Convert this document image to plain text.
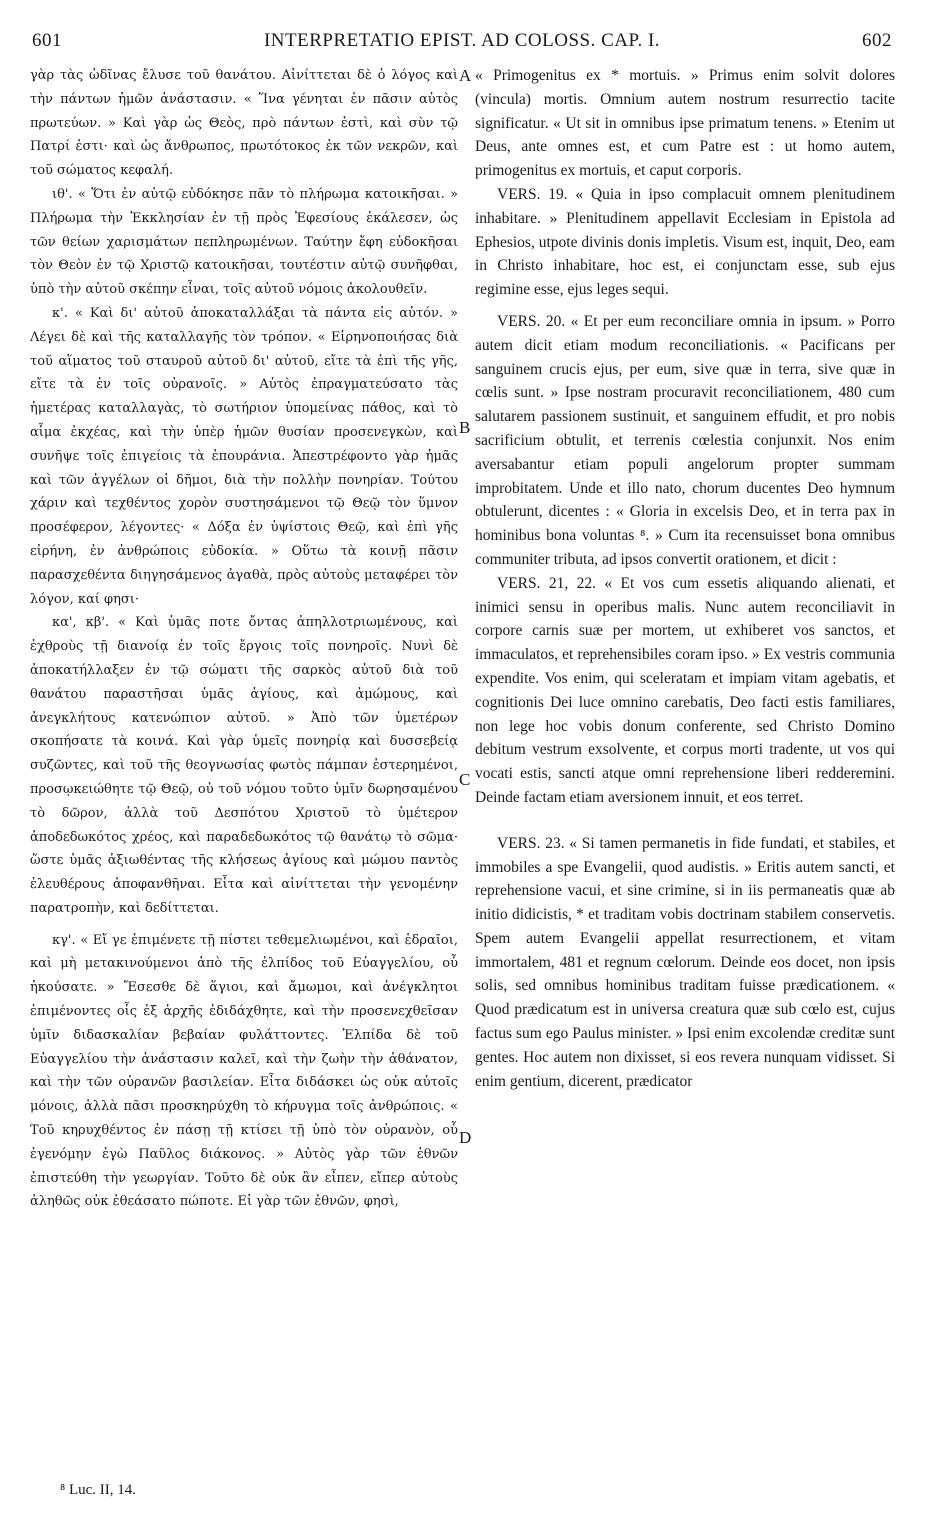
601	INTERPRETATIO EPIST. AD COLOSS. CAP. I.	602

γὰρ τὰς ὠδῖνας ἔλυσε τοῦ θανάτου. Αἰνίττεται δὲ ὁ λόγος καὶ τὴν πάντων ἡμῶν ἀνάστασιν. « Ἵνα γένηται ἐν πᾶσιν αὐτὸς πρωτεύων. » Καὶ γὰρ ὡς Θεὸς, πρὸ πάντων ἐστὶ, καὶ σὺν τῷ Πατρί ἐστι· καὶ ὡς ἄνθρωπος, πρωτότοκος ἐκ τῶν νεκρῶν, καὶ τοῦ σώματος κεφαλή.

ιθ'. « Ὅτι ἐν αὐτῷ εὐδόκησε πᾶν τὸ πλήρωμα κατοικῆσαι. » Πλήρωμα τὴν Ἐκκλησίαν ἐν τῇ πρὸς Ἐφεσίους ἐκάλεσεν, ὡς τῶν θείων χαρισμάτων πεπληρωμένων. Ταύτην ἔφη εὐδοκῆσαι τὸν Θεὸν ἐν τῷ Χριστῷ κατοικῆσαι, τουτέστιν αὐτῷ συνῆφθαι, ὑπὸ τὴν αὐτοῦ σκέπην εἶναι, τοῖς αὐτοῦ νόμοις ἀκολουθεῖν.

κ'. « Καὶ δι' αὐτοῦ ἀποκαταλλάξαι τὰ πάντα εἰς αὐτόν. » Λέγει δὲ καὶ τῆς καταλλαγῆς τὸν τρόπον. « Εἰρηνοποιήσας διὰ τοῦ αἵματος τοῦ σταυροῦ αὐτοῦ δι' αὐτοῦ, εἴτε τὰ ἐπὶ τῆς γῆς, εἴτε τὰ ἐν τοῖς οὐρανοῖς. » Αὐτὸς ἐπραγματεύσατο τὰς ἡμετέρας καταλλαγὰς, τὸ σωτήριον ὑπομείνας πάθος, καὶ τὸ αἷμα ἐκχέας, καὶ τὴν ὑπὲρ ἡμῶν θυσίαν προσενεγκὼν, καὶ συνῆψε τοῖς ἐπιγείοις τὰ ἐπουράνια. Ἀπεστρέφοντο γὰρ ἡμᾶς καὶ τῶν ἀγγέλων οἱ δῆμοι, διὰ τὴν πολλὴν πονηρίαν. Τούτου χάριν καὶ τεχθέντος χορὸν συστησάμενοι τῷ Θεῷ τὸν ὕμνον προσέφερον, λέγοντες· « Δόξα ἐν ὑψίστοις Θεῷ, καὶ ἐπὶ γῆς εἰρήνη, ἐν ἀνθρώποις εὐδοκία. » Οὕτω τὰ κοινῇ πᾶσιν παρασχεθέντα διηγησάμενος ἀγαθὰ, πρὸς αὐτοὺς μεταφέρει τὸν λόγον, καί φησι·

κα', κβ'. « Καὶ ὑμᾶς ποτε ὄντας ἀπηλλοτριωμένους, καὶ ἐχθροὺς τῇ διανοίᾳ ἐν τοῖς ἔργοις τοῖς πονηροῖς. Νυνὶ δὲ ἀποκατήλλαξεν ἐν τῷ σώματι τῆς σαρκὸς αὐτοῦ διὰ τοῦ θανάτου παραστῆσαι ὑμᾶς ἁγίους, καὶ ἀμώμους, καὶ ἀνεγκλήτους κατενώπιον αὐτοῦ. » Ἀπὸ τῶν ὑμετέρων σκοπήσατε τὰ κοινά. Καὶ γὰρ ὑμεῖς πονηρίᾳ καὶ δυσσεβείᾳ συζῶντες, καὶ τοῦ τῆς θεογνωσίας φωτὸς πάμπαν ἐστερημένοι, προσῳκειώθητε τῷ Θεῷ, οὐ τοῦ νόμου τοῦτο ὑμῖν δωρησαμένου τὸ δῶρον, ἀλλὰ τοῦ Δεσπότου Χριστοῦ τὸ ὑμέτερον ἀποδεδωκότος χρέος, καὶ παραδεδωκότος τῷ θανάτῳ τὸ σῶμα· ὥστε ὑμᾶς ἀξιωθέντας τῆς κλήσεως ἁγίους καὶ μώμου παντὸς ἐλευθέρους ἀποφανθῆναι. Εἶτα καὶ αἰνίττεται τὴν γενομένην παρατροπὴν, καὶ δεδίττεται.

κγ'. « Εἴ γε ἐπιμένετε τῇ πίστει τεθεμελιωμένοι, καὶ ἑδραῖοι, καὶ μὴ μετακινούμενοι ἀπὸ τῆς ἐλπίδος τοῦ Εὐαγγελίου, οὗ ἠκούσατε. » Ἔσεσθε δὲ ἅγιοι, καὶ ἄμωμοι, καὶ ἀνέγκλητοι ἐπιμένοντες οἷς ἐξ ἀρχῆς ἐδιδάχθητε, καὶ τὴν προσενεχθεῖσαν ὑμῖν διδασκαλίαν βεβαίαν φυλάττοντες. Ἐλπίδα δὲ τοῦ Εὐαγγελίου τὴν ἀνάστασιν καλεῖ, καὶ τὴν ζωὴν τὴν ἀθάνατον, καὶ τὴν τῶν οὐρανῶν βασιλείαν. Εἶτα διδάσκει ὡς οὐκ αὐτοῖς μόνοις, ἀλλὰ πᾶσι προσκηρύχθη τὸ κήρυγμα τοῖς ἀνθρώποις. « Τοῦ κηρυχθέντος ἐν πάσῃ τῇ κτίσει τῇ ὑπὸ τὸν οὐρανὸν, οὗ ἐγενόμην ἐγὼ Παῦλος διάκονος. » Αὐτὸς γὰρ τῶν ἐθνῶν ἐπιστεύθη τὴν γεωργίαν. Τοῦτο δὲ οὐκ ἂν εἶπεν, εἴπερ αὐτοὺς ἀληθῶς οὐκ ἐθεάσατο πώποτε. Εἰ γὰρ τῶν ἐθνῶν, φησὶ,

« Primogenitus ex * mortuis. » Primus enim solvit dolores (vincula) mortis. Omnium autem nostrum resurrectio tacite significatur. « Ut sit in omnibus ipse primatum tenens. » Etenim ut Deus, ante omnes est, et cum Patre est : ut homo autem, primogenitus ex mortuis, et caput corporis.

VERS. 19. « Quia in ipso complacuit omnem plenitudinem inhabitare. » Plenitudinem appellavit Ecclesiam in Epistola ad Ephesios, utpote divinis donis impletis. Visum est, inquit, Deo, eam in Christo inhabitare, hoc est, ei conjunctam esse, sub ejus regimine esse, ejus leges sequi.

VERS. 20. « Et per eum reconciliare omnia in ipsum. » Porro autem dicit etiam modum reconciliationis. « Pacificans per sanguinem crucis ejus, per eum, sive quæ in terra, sive quæ in cœlis sunt. » Ipse nostram procuravit reconciliationem, 480 cum salutarem passionem sustinuit, et sanguinem effudit, et pro nobis sacrificium obtulit, et terrenis cœlestia conjunxit. Nos enim aversabantur etiam populi angelorum propter summam improbitatem. Unde et illo nato, chorum ducentes Deo hymnum obtulerunt, dicentes : « Gloria in excelsis Deo, et in terra pax in hominibus bona voluntas ⁸. » Cum ita recensuisset bona omnibus communiter tributa, ad ipsos convertit orationem, et dicit :

VERS. 21, 22. « Et vos cum essetis aliquando alienati, et inimici sensu in operibus malis. Nunc autem reconciliavit in corpore carnis suæ per mortem, ut exhiberet vos sanctos, et immaculatos, et reprehensibiles coram ipso. » Ex vestris communia expendite. Vos enim, qui sceleratam et impiam vitam agebatis, et cognitionis Dei luce omnino carebatis, Deo facti estis familiares, non lege hoc vobis donum conferente, sed Christo Domino debitum vestrum exsolvente, et corpus morti tradente, ut vos qui vocati estis, sancti atque omni reprehensione liberi redderemini. Deinde factam etiam aversionem innuit, et eos terret.

VERS. 23. « Si tamen permanetis in fide fundati, et stabiles, et immobiles a spe Evangelii, quod audistis. » Eritis autem sancti, et reprehensione vacui, et sine crimine, si in iis permaneatis quæ ab initio didicistis, * et traditam vobis doctrinam stabilem conservetis. Spem autem Evangelii appellat resurrectionem, et vitam immortalem, 481 et regnum cœlorum. Deinde eos docet, non ipsis solis, sed omnibus hominibus traditam fuisse prædicationem. « Quod prædicatum est in universa creatura quæ sub cœlo est, cujus factus sum ego Paulus minister. » Ipsi enim excolendæ creditæ sunt gentes. Hoc autem non dixisset, si eos revera nunquam vidisset. Si enim gentium, dicerent, prædicator

A
B
C
D
⁸ Luc. II, 14.
